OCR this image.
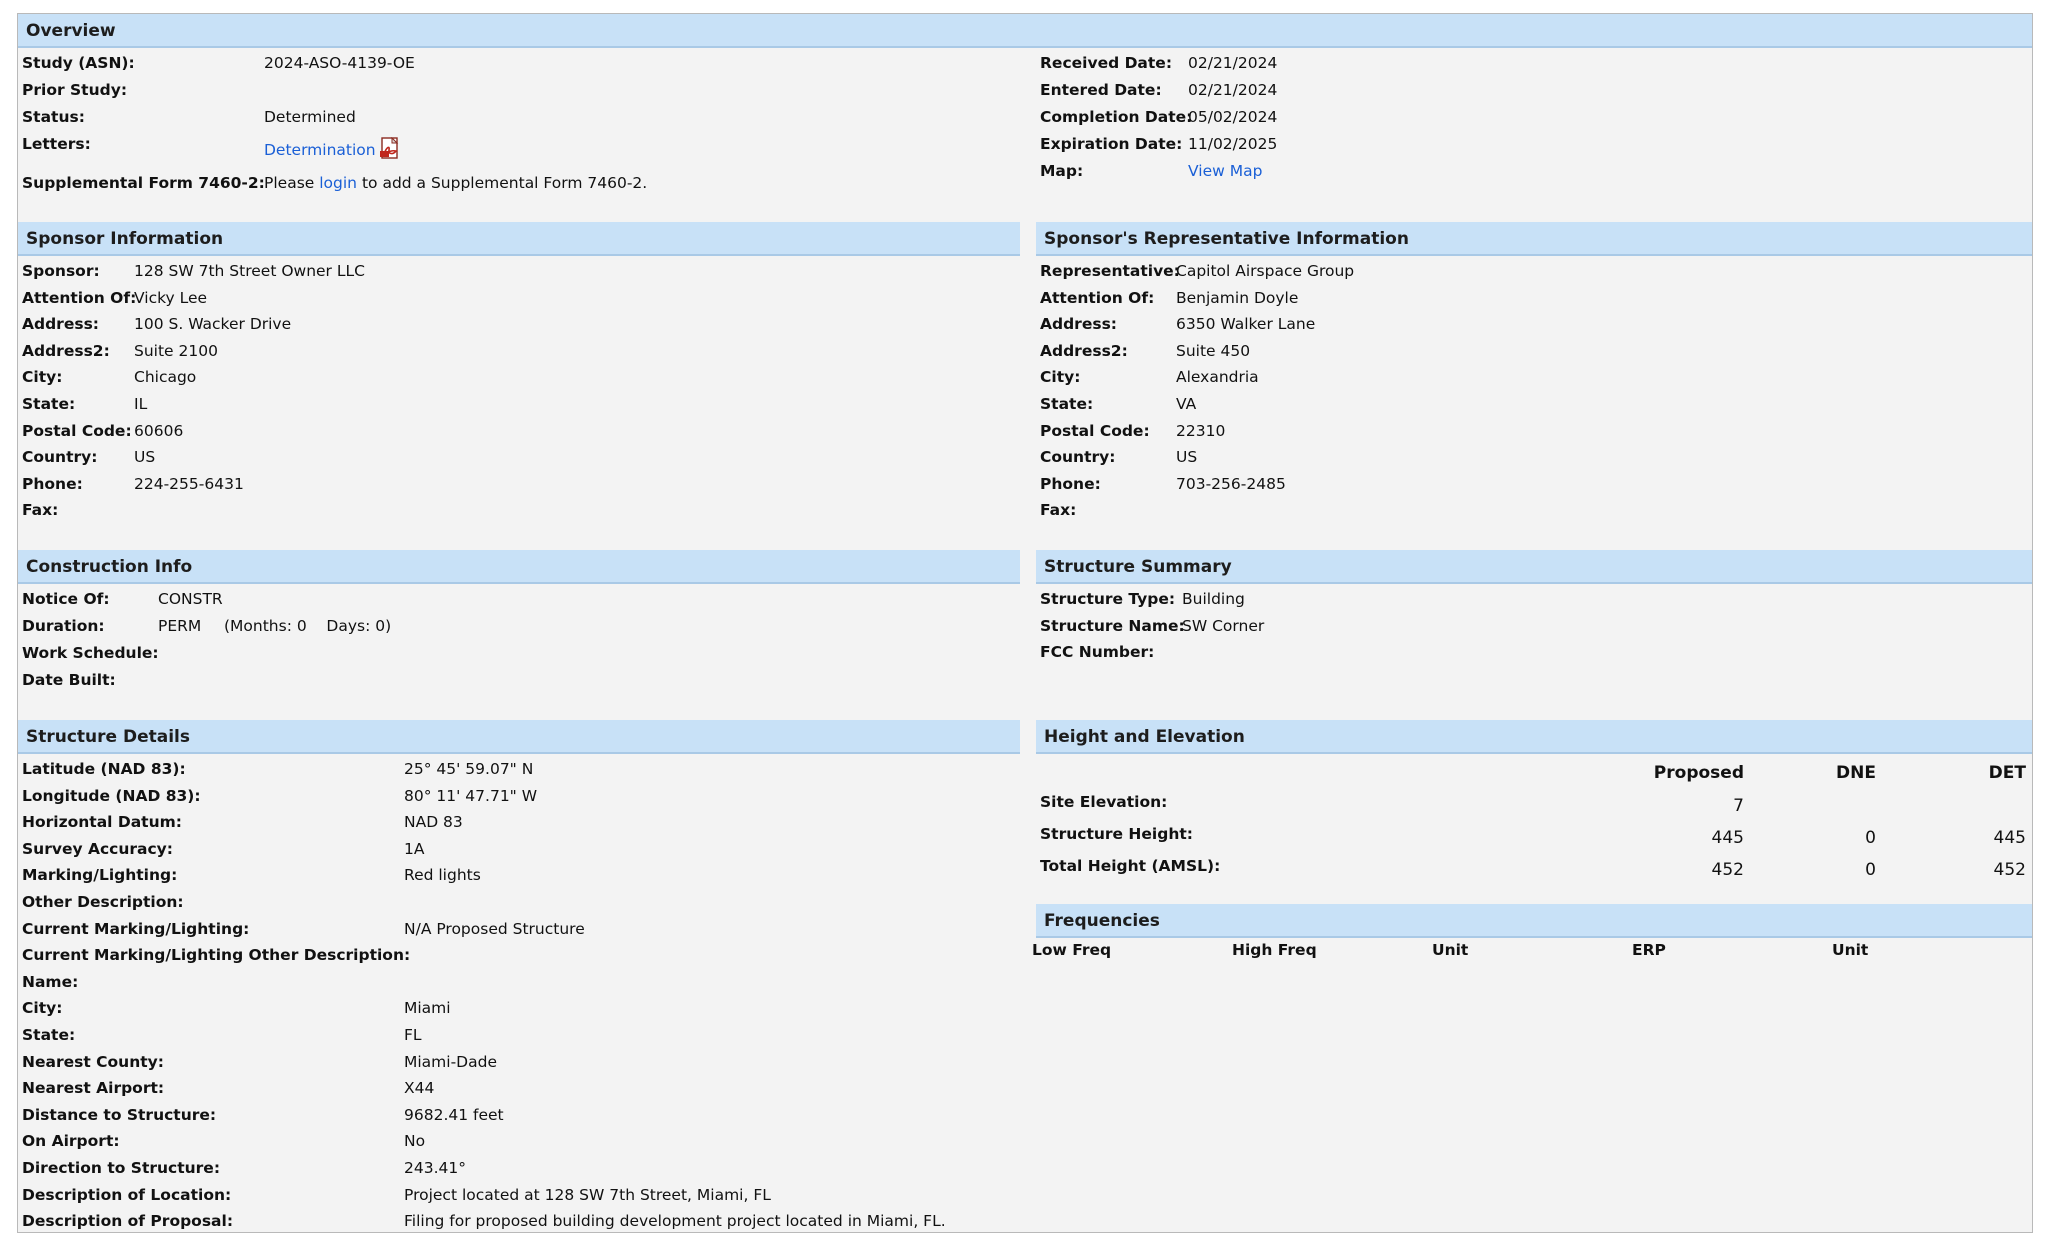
Overview
Study (ASN):	2024-ASO-4139-OE
Prior Study:
Status:	Determined
Letters:	Determination
Supplemental Form 7460-2: Please login to add a Supplemental Form 7460-2.
Received Date: 02/21/2024
Entered Date: 02/21/2024
Completion Date:
05/02/2024
Expiration Date: 11/02/2025
Map:	View Map
Sponsor Information
Sponsor: 128 SW 7th Street Owner LLC
Attention Of:
Vicky Lee
Address: 100 S. Wacker Drive
Address2: Suite 2100
City:	Chicago
State:	IL
Postal Code: 60606
Country: US
Phone:	224-255-6431
Fax:
Sponsor's Representative Information
Representative:
Capitol Airspace Group
Attention Of: Benjamin Doyle
Address:	6350 Walker Lane
Address2:	Suite 450
City:	Alexandria
State:	VA
Postal Code: 22310
Country:	US
Phone:	703-256-2485
Fax:
Construction Info
Notice Of:	CONSTR
Duration:	PERM (Months: 0    Days: 0)
Work Schedule:
Date Built:
Structure Summary
Structure Type: Building
Structure Name:
SW Corner
FCC Number:
Structure Details
Latitude (NAD 83):	25° 45' 59.07" N
Longitude (NAD 83):	80° 11' 47.71" W
Horizontal Datum:	NAD 83
Survey Accuracy:	1A
Marking/Lighting:	Red lights
Other Description:
Current Marking/Lighting:	N/A Proposed Structure
Current Marking/Lighting Other Description:
Name:
City:	Miami
State:	FL
Nearest County:	Miami-Dade
Nearest Airport:	X44
Distance to Structure:	9682.41 feet
On Airport:	No
Direction to Structure:	243.41°
Description of Location:	Project located at 128 SW 7th Street, Miami, FL
Description of Proposal:	Filing for proposed building development project located in Miami, FL.
Height and Elevation
Proposed	DNE	DET
Site Elevation:	7
Structure Height:	445	0	445
Total Height (AMSL):	452	0	452
Frequencies
Low Freq	High Freq	Unit	ERP	Unit
